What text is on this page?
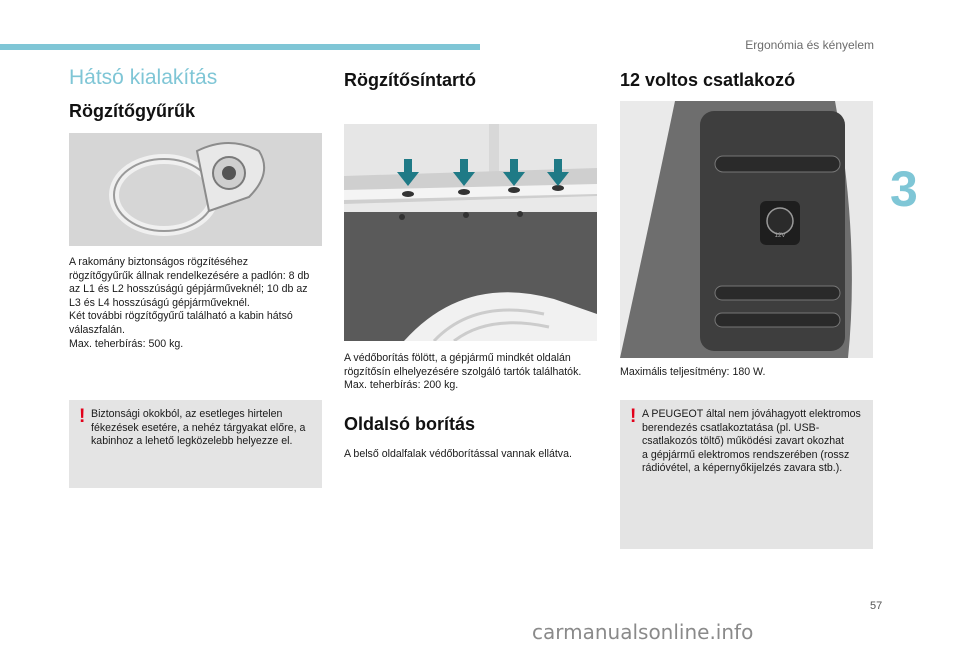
Ergonómia és kényelem
3
57
carmanualsonline.info
Hátsó kialakítás
Rögzítőgyűrűk
A rakomány biztonságos rögzítéséhez
rögzítőgyűrűk állnak rendelkezésére a padlón: 8 db
az L1 és L2 hosszúságú gépjárműveknél; 10 db az
L3 és L4 hosszúságú gépjárműveknél.
Két további rögzítőgyűrű található a kabin hátsó
válaszfalán.
Max. teherbírás: 500 kg.
! Biztonsági okokból, az esetleges hirtelen
fékezések esetére, a nehéz tárgyakat előre, a
kabinhoz a lehető legközelebb helyezze el.
Rögzítősíntartó
A védőborítás fölött, a gépjármű mindkét oldalán
rögzítősín elhelyezésére szolgáló tartók találhatók.
Max. teherbírás: 200 kg.
Oldalsó borítás
A belső oldalfalak védőborítással vannak ellátva.
12 voltos csatlakozó
12V
Maximális teljesítmény: 180 W.
! A PEUGEOT által nem jóváhagyott elektromos
berendezés csatlakoztatása (pl. USB-
csatlakozós töltő) működési zavart okozhat
a gépjármű elektromos rendszerében (rossz
rádióvétel, a képernyőkijelzés zavara stb.).
